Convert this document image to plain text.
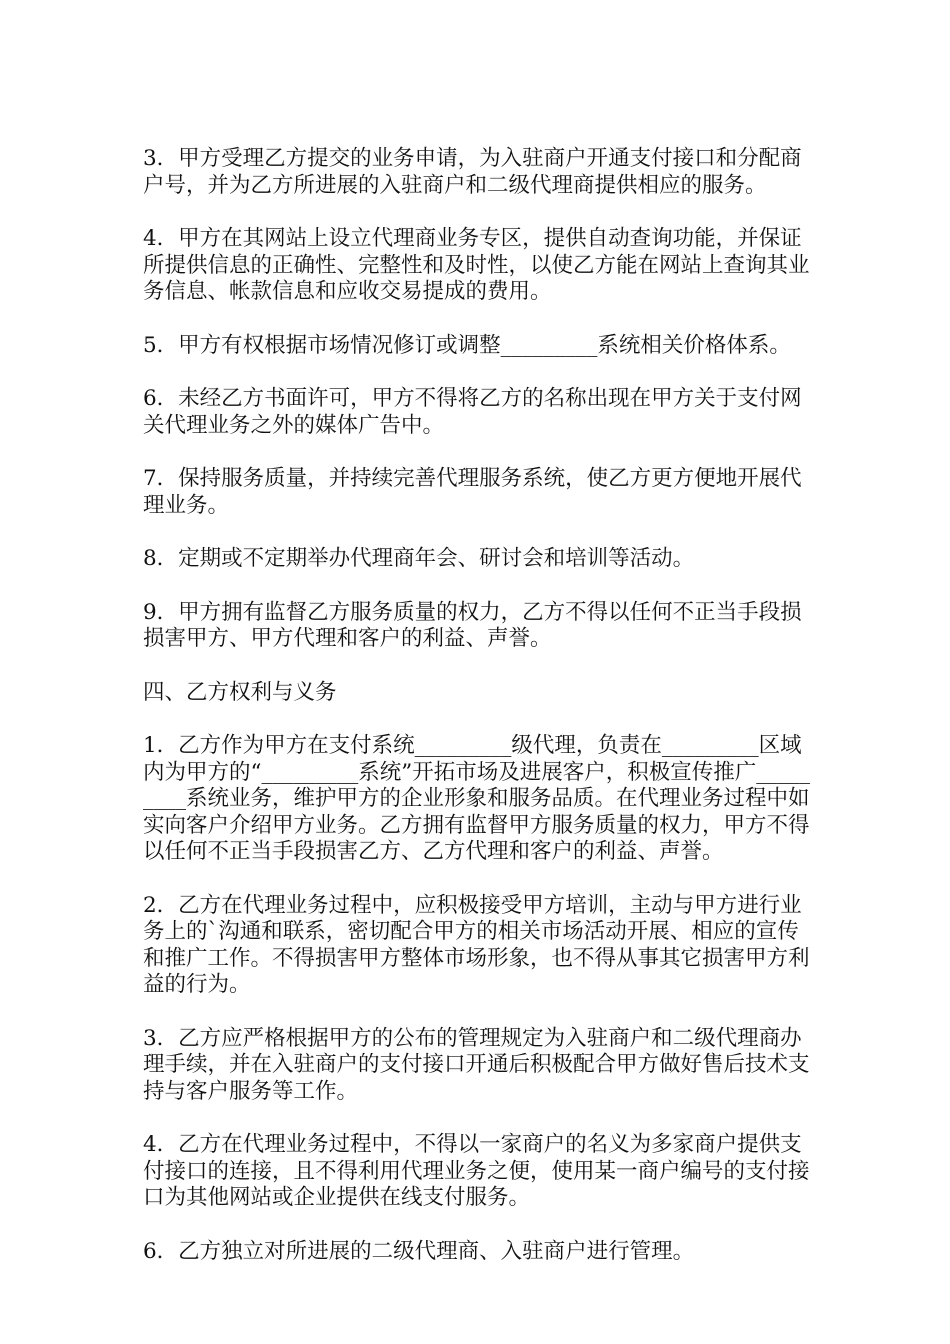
3．甲方受理乙方提交的业务申请，为入驻商户开通支付接口和分配商户号，并为乙方所进展的入驻商户和二级代理商提供相应的服务。

4．甲方在其网站上设立代理商业务专区，提供自动查询功能，并保证所提供信息的正确性、完整性和及时性，以使乙方能在网站上查询其业务信息、帐款信息和应收交易提成的费用。

5．甲方有权根据市场情况修订或调整_________系统相关价格体系。

6．未经乙方书面许可，甲方不得将乙方的名称出现在甲方关于支付网关代理业务之外的媒体广告中。

7．保持服务质量，并持续完善代理服务系统，使乙方更方便地开展代理业务。

8．定期或不定期举办代理商年会、研讨会和培训等活动。

9．甲方拥有监督乙方服务质量的权力，乙方不得以任何不正当手段损损害甲方、甲方代理和客户的利益、声誉。

四、乙方权利与义务

1．乙方作为甲方在支付系统_________级代理，负责在_________区域内为甲方的“_________系统”开拓市场及进展客户，积极宣传推广_________系统业务，维护甲方的企业形象和服务品质。在代理业务过程中如实向客户介绍甲方业务。乙方拥有监督甲方服务质量的权力，甲方不得以任何不正当手段损害乙方、乙方代理和客户的利益、声誉。

2．乙方在代理业务过程中，应积极接受甲方培训，主动与甲方进行业务上的`沟通和联系，密切配合甲方的相关市场活动开展、相应的宣传和推广工作。不得损害甲方整体市场形象，也不得从事其它损害甲方利益的行为。

3．乙方应严格根据甲方的公布的管理规定为入驻商户和二级代理商办理手续，并在入驻商户的支付接口开通后积极配合甲方做好售后技术支持与客户服务等工作。

4．乙方在代理业务过程中，不得以一家商户的名义为多家商户提供支付接口的连接，且不得利用代理业务之便，使用某一商户编号的支付接口为其他网站或企业提供在线支付服务。

6．乙方独立对所进展的二级代理商、入驻商户进行管理。
